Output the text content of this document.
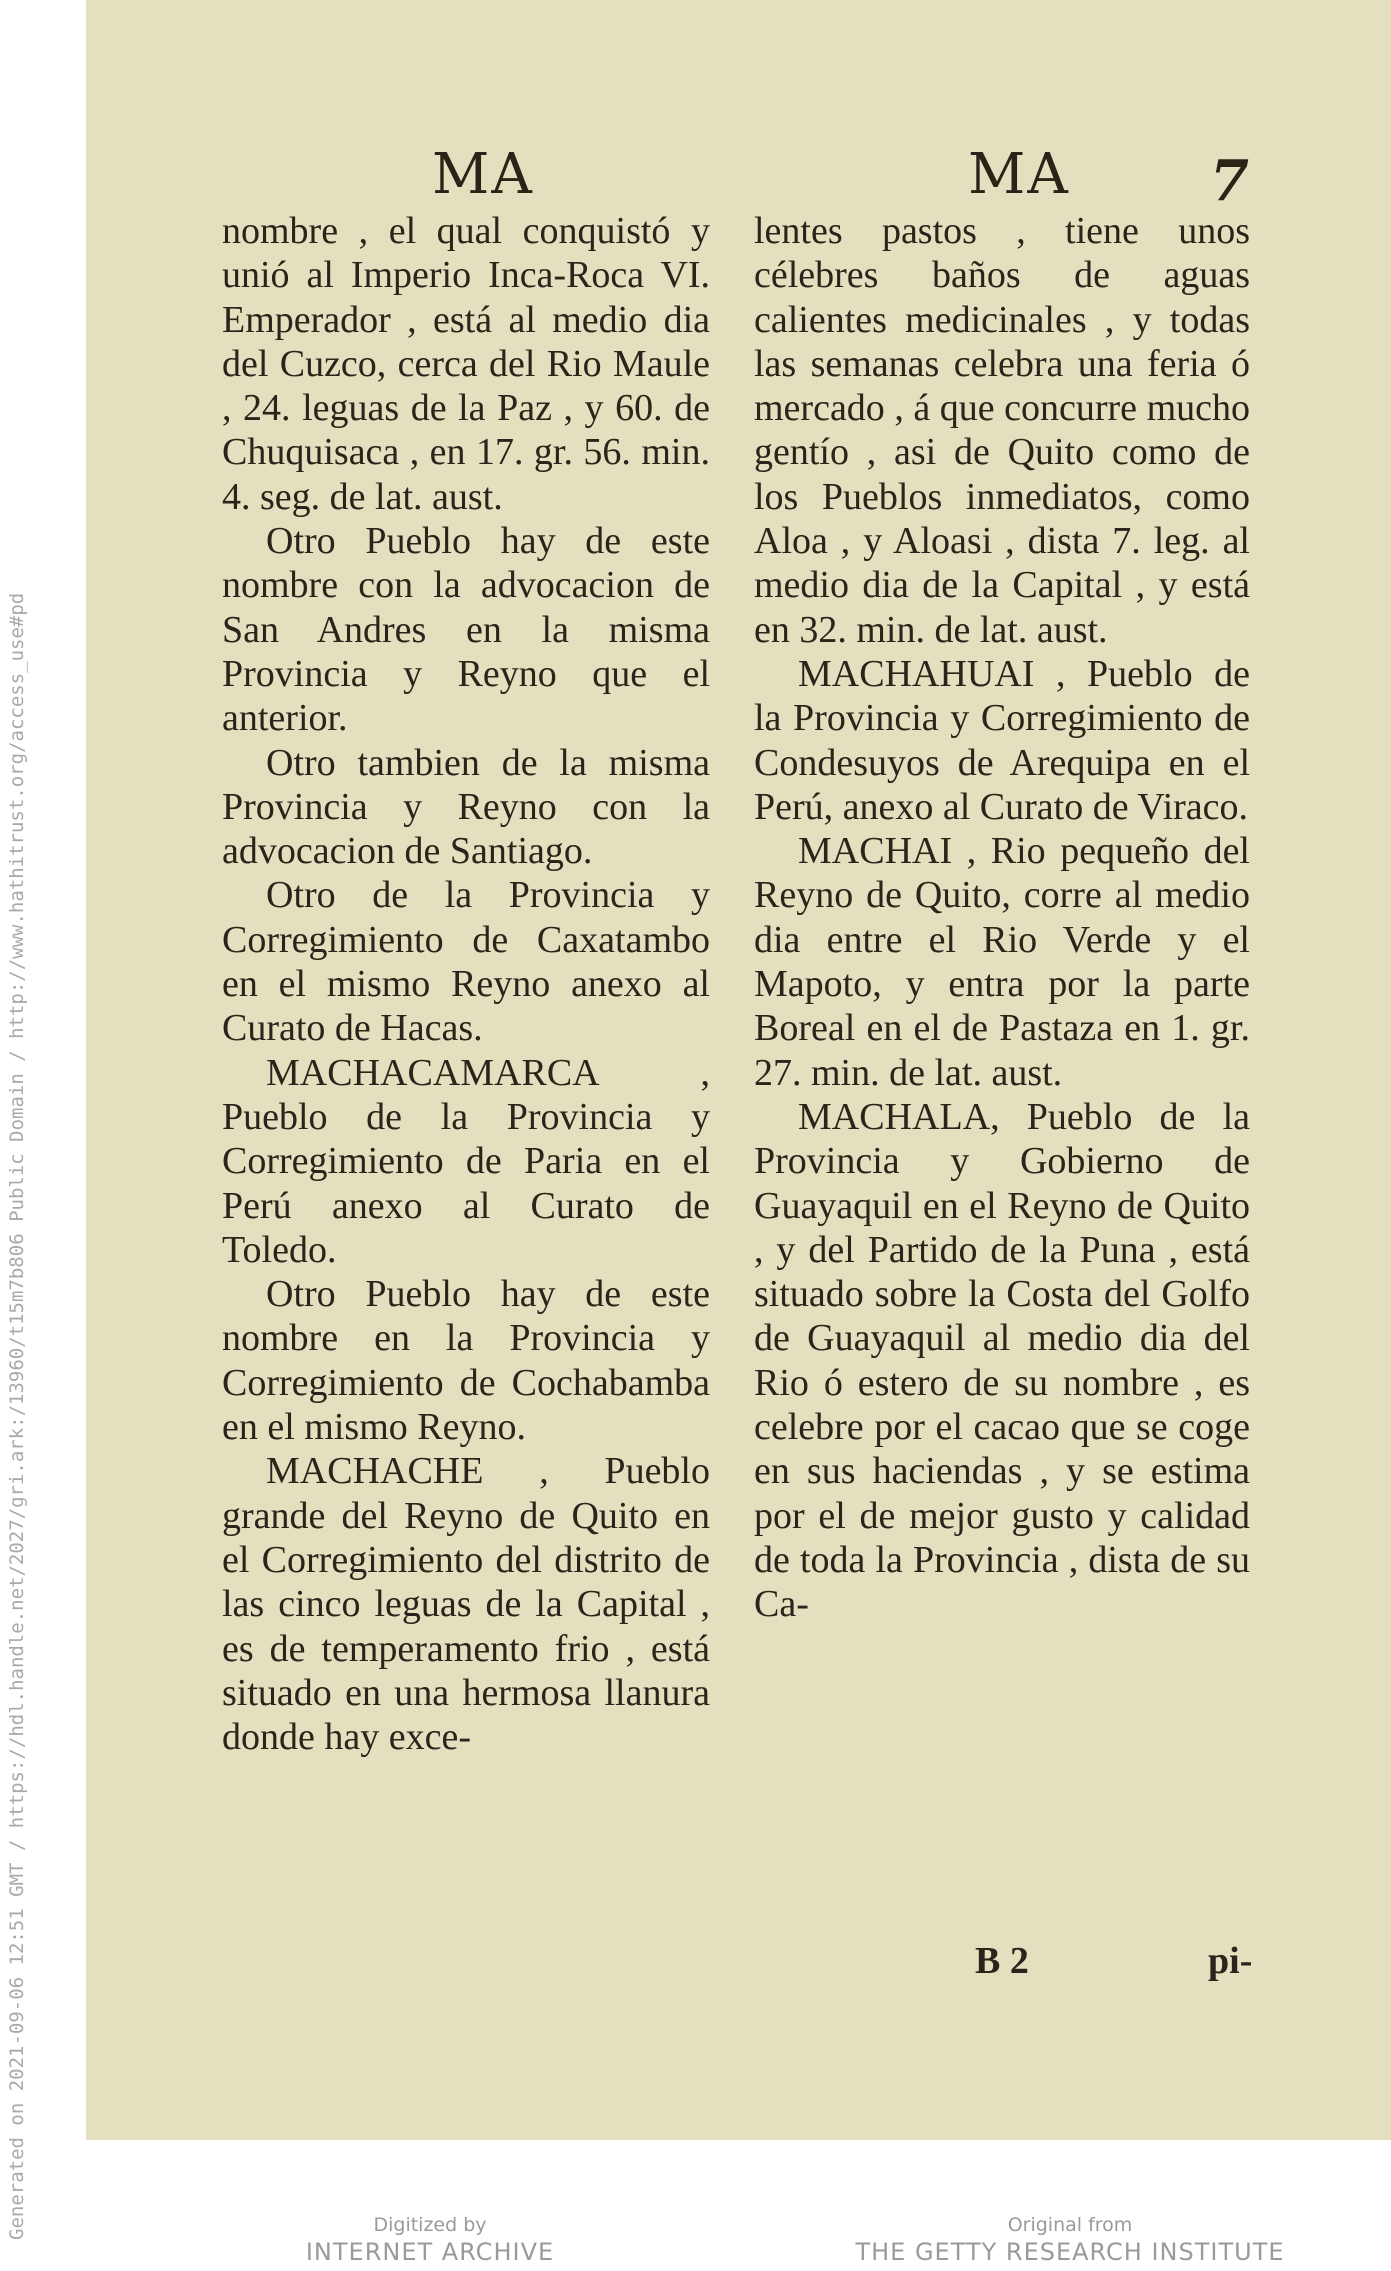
Generated on 2021-09-06 12:51 GMT / https://hdl.handle.net/2027/gri.ark:/13960/t15m7b806 Public Domain / http://www.hathitrust.org/access_use#pd
MA	MA	7

nombre , el qual conquistó y unió al Imperio Inca-Roca VI. Emperador , está al medio dia del Cuzco, cerca del Rio Maule , 24. leguas de la Paz , y 60. de Chuquisaca , en 17. gr. 56. min. 4. seg. de lat. aust.

Otro Pueblo hay de este nombre con la advocacion de San Andres en la misma Provincia y Reyno que el anterior.

Otro tambien de la misma Provincia y Reyno con la advocacion de Santiago.

Otro de la Provincia y Corregimiento de Caxatambo en el mismo Reyno anexo al Curato de Hacas.

MACHACAMARCA , Pueblo de la Provincia y Corregimiento de Paria en el Perú anexo al Curato de Toledo.

Otro Pueblo hay de este nombre en la Provincia y Corregimiento de Cochabamba en el mismo Reyno.

MACHACHE , Pueblo grande del Reyno de Quito en el Corregimiento del distrito de las cinco leguas de la Capital , es de temperamento frio , está situado en una hermosa llanura donde hay exce-

lentes pastos , tiene unos célebres baños de aguas calientes medicinales , y todas las semanas celebra una feria ó mercado , á que concurre mucho gentío , asi de Quito como de los Pueblos inmediatos, como Aloa , y Aloasi , dista 7. leg. al medio dia de la Capital , y está en 32. min. de lat. aust.

MACHAHUAI , Pueblo de la Provincia y Corregimiento de Condesuyos de Arequipa en el Perú, anexo al Curato de Viraco.

MACHAI , Rio pequeño del Reyno de Quito, corre al medio dia entre el Rio Verde y el Mapoto, y entra por la parte Boreal en el de Pastaza en 1. gr. 27. min. de lat. aust.

MACHALA, Pueblo de la Provincia y Gobierno de Guayaquil en el Reyno de Quito , y del Partido de la Puna , está situado sobre la Costa del Golfo de Guayaquil al medio dia del Rio ó estero de su nombre , es celebre por el cacao que se coge en sus haciendas , y se estima por el de mejor gusto y calidad de toda la Provincia , dista de su Ca-

B 2	pi-
Digitized by
INTERNET ARCHIVE
Original from
THE GETTY RESEARCH INSTITUTE
